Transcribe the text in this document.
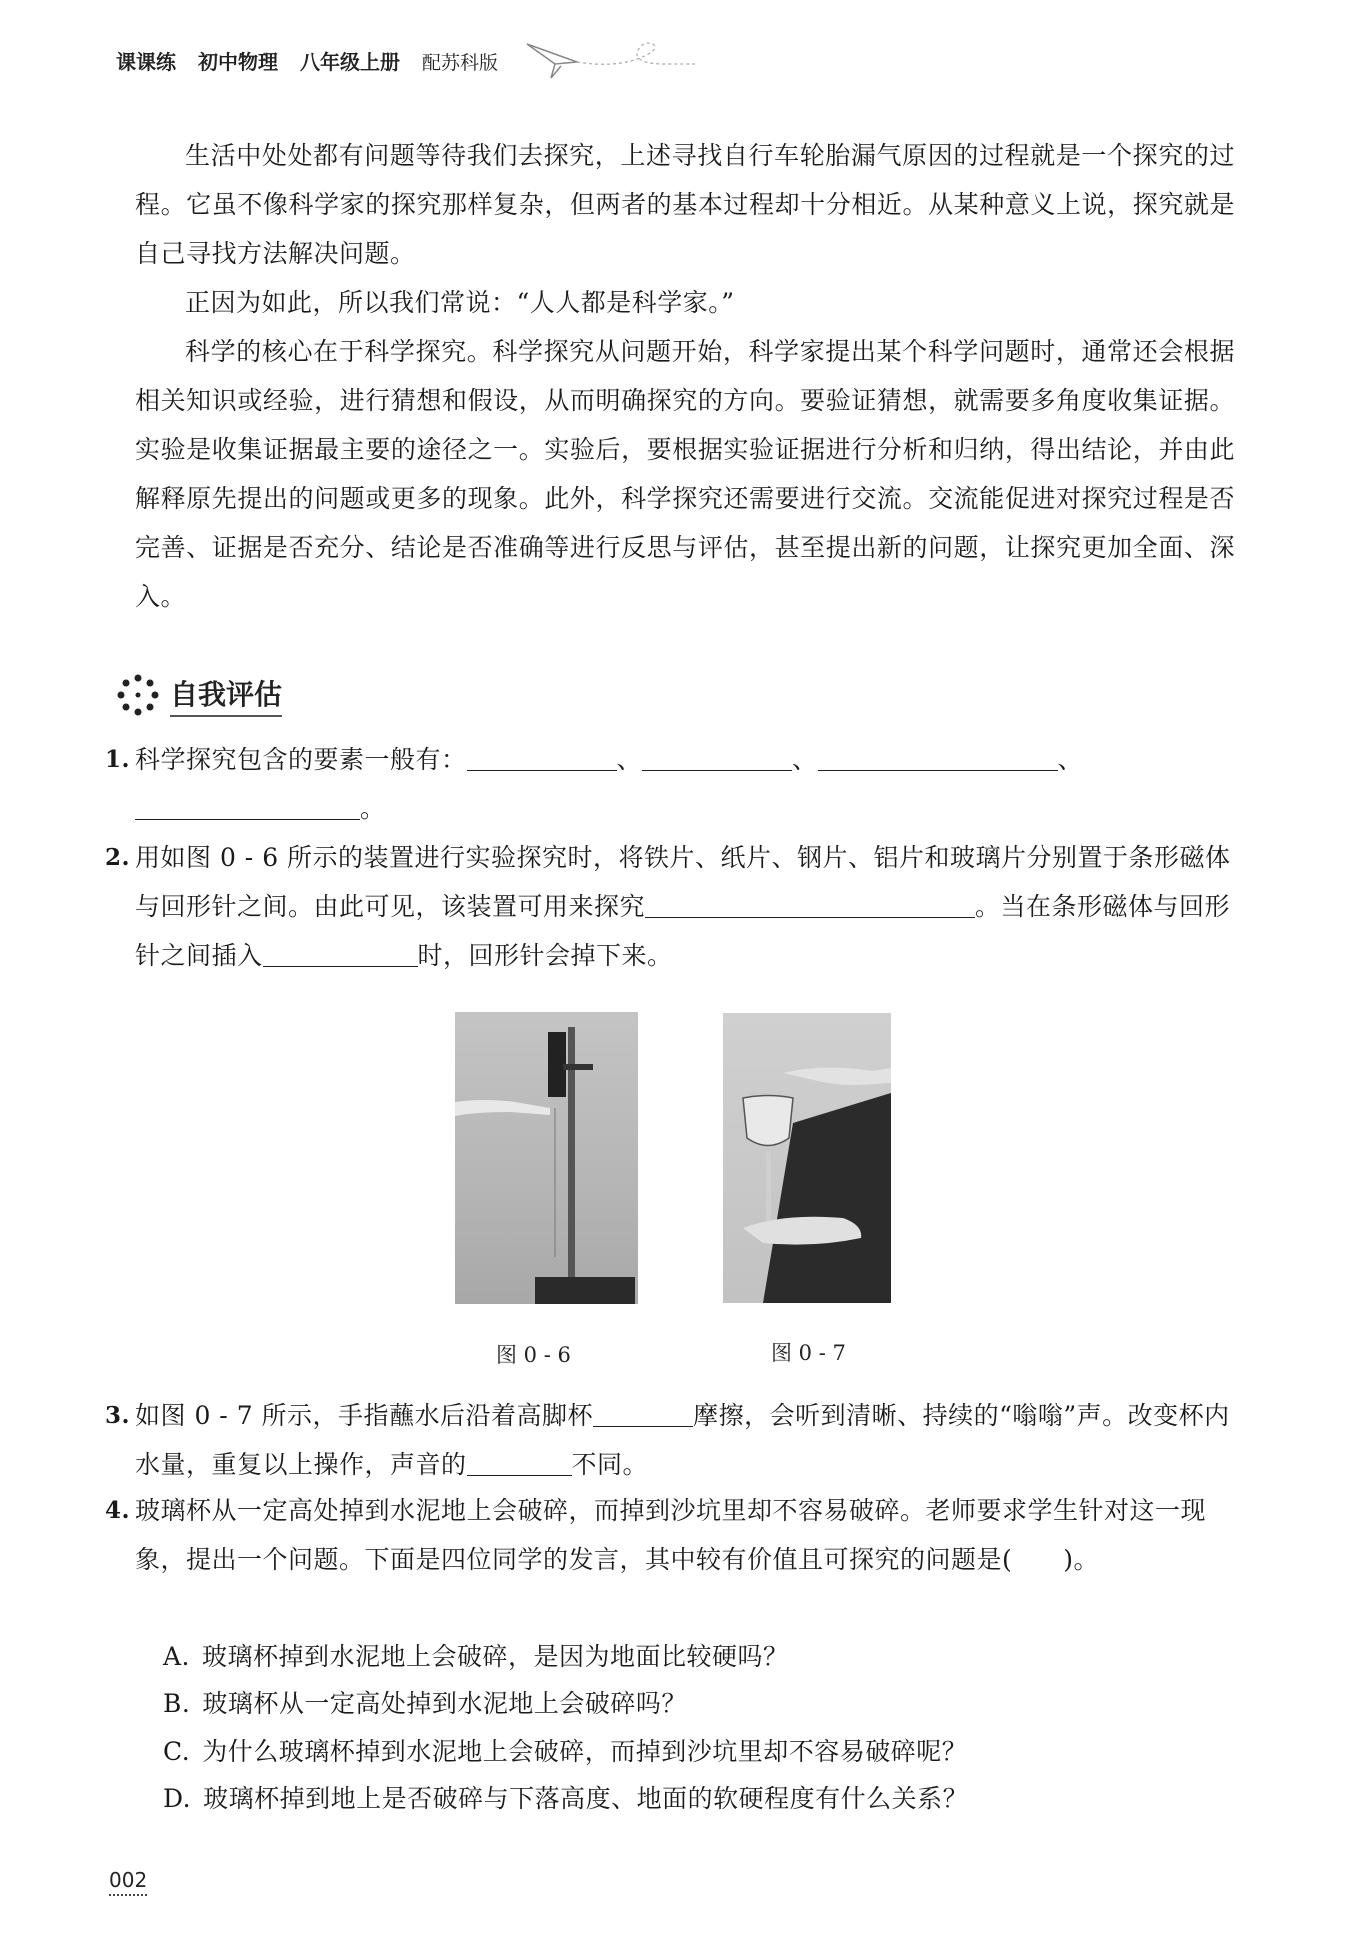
课课练 初中物理 八年级上册 配苏科版

生活中处处都有问题等待我们去探究，上述寻找自行车轮胎漏气原因的过程就是一个探究的过程。它虽不像科学家的探究那样复杂，但两者的基本过程却十分相近。从某种意义上说，探究就是自己寻找方法解决问题。

正因为如此，所以我们常说：“人人都是科学家。”

科学的核心在于科学探究。科学探究从问题开始，科学家提出某个科学问题时，通常还会根据相关知识或经验，进行猜想和假设，从而明确探究的方向。要验证猜想，就需要多角度收集证据。实验是收集证据最主要的途径之一。实验后，要根据实验证据进行分析和归纳，得出结论，并由此解释原先提出的问题或更多的现象。此外，科学探究还需要进行交流。交流能促进对探究过程是否完善、证据是否充分、结论是否准确等进行反思与评估，甚至提出新的问题，让探究更加全面、深入。

自我评估
1. 科学探究包含的要素一般有：	、	、	、
。
2. 用如图 0 - 6 所示的装置进行实验探究时，将铁片、纸片、钢片、铝片和玻璃片分别置于条形磁体与回形针之间。由此可见，该装置可用来探究	。当在条形磁体与回形针之间插入	时，回形针会掉下来。
图 0 - 6	图 0 - 7
3. 如图 0 - 7 所示，手指蘸水后沿着高脚杯	摩擦，会听到清晰、持续的“嗡嗡”声。改变杯内水量，重复以上操作，声音的	不同。
4. 玻璃杯从一定高处掉到水泥地上会破碎，而掉到沙坑里却不容易破碎。老师要求学生针对这一现象，提出一个问题。下面是四位同学的发言，其中较有价值且可探究的问题是(　　)。

A. 玻璃杯掉到水泥地上会破碎，是因为地面比较硬吗？

B. 玻璃杯从一定高处掉到水泥地上会破碎吗？

C. 为什么玻璃杯掉到水泥地上会破碎，而掉到沙坑里却不容易破碎呢？

D. 玻璃杯掉到地上是否破碎与下落高度、地面的软硬程度有什么关系？

002
